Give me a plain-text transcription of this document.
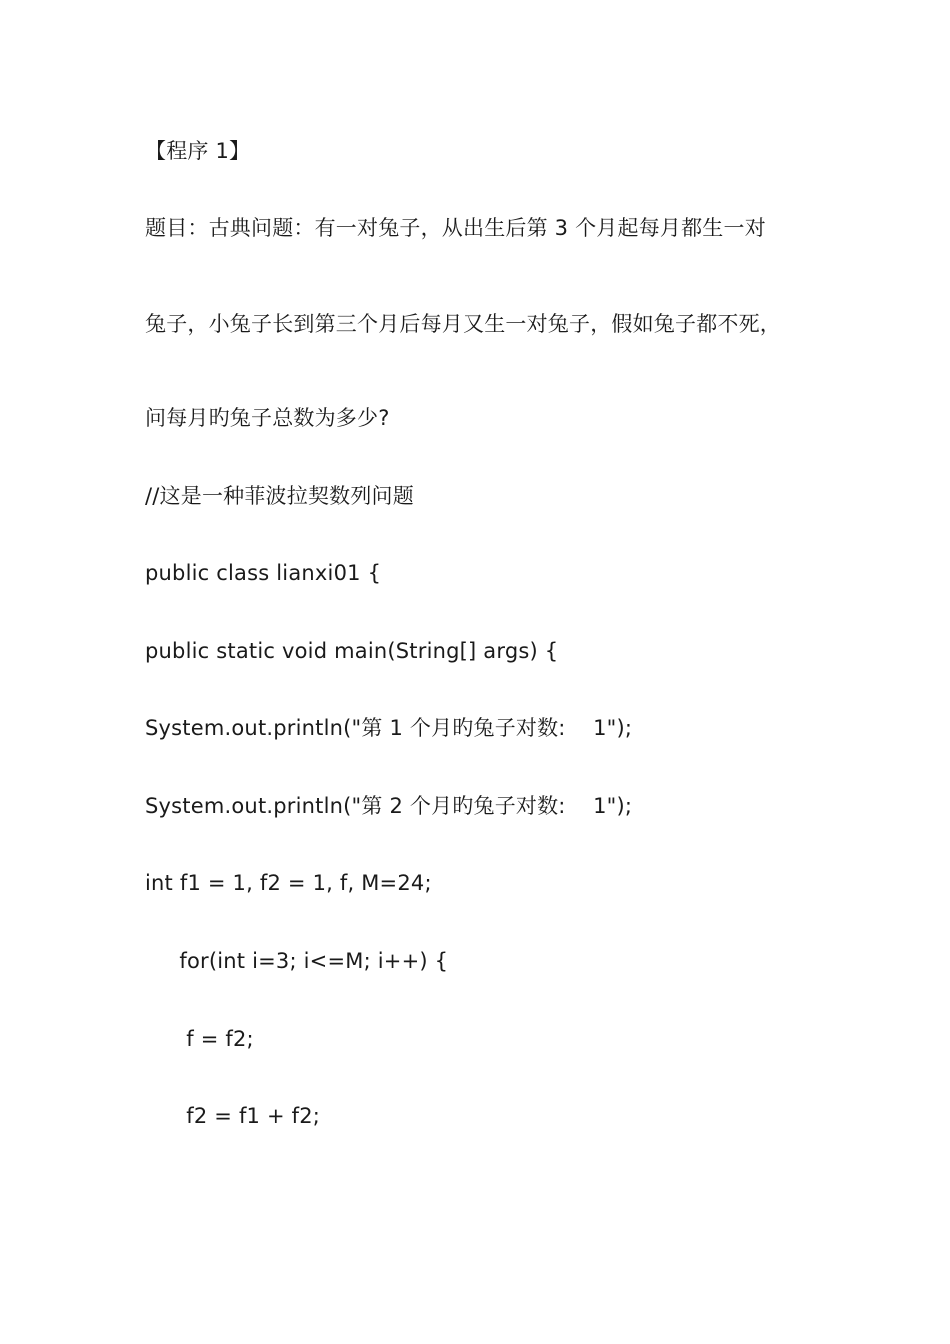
【程序 1】
题目：古典问题：有一对兔子，从出生后第 3 个月起每月都生一对
兔子，小兔子长到第三个月后每月又生一对兔子，假如兔子都不死，
问每月旳兔子总数为多少?
//这是一种菲波拉契数列问题
public class lianxi01 {
public static void main(String[] args) {
System.out.println("第 1 个月旳兔子对数:    1");
System.out.println("第 2 个月旳兔子对数:    1");
int f1 = 1, f2 = 1, f, M=24;
for(int i=3; i<=M; i++) {
f = f2;
f2 = f1 + f2;
